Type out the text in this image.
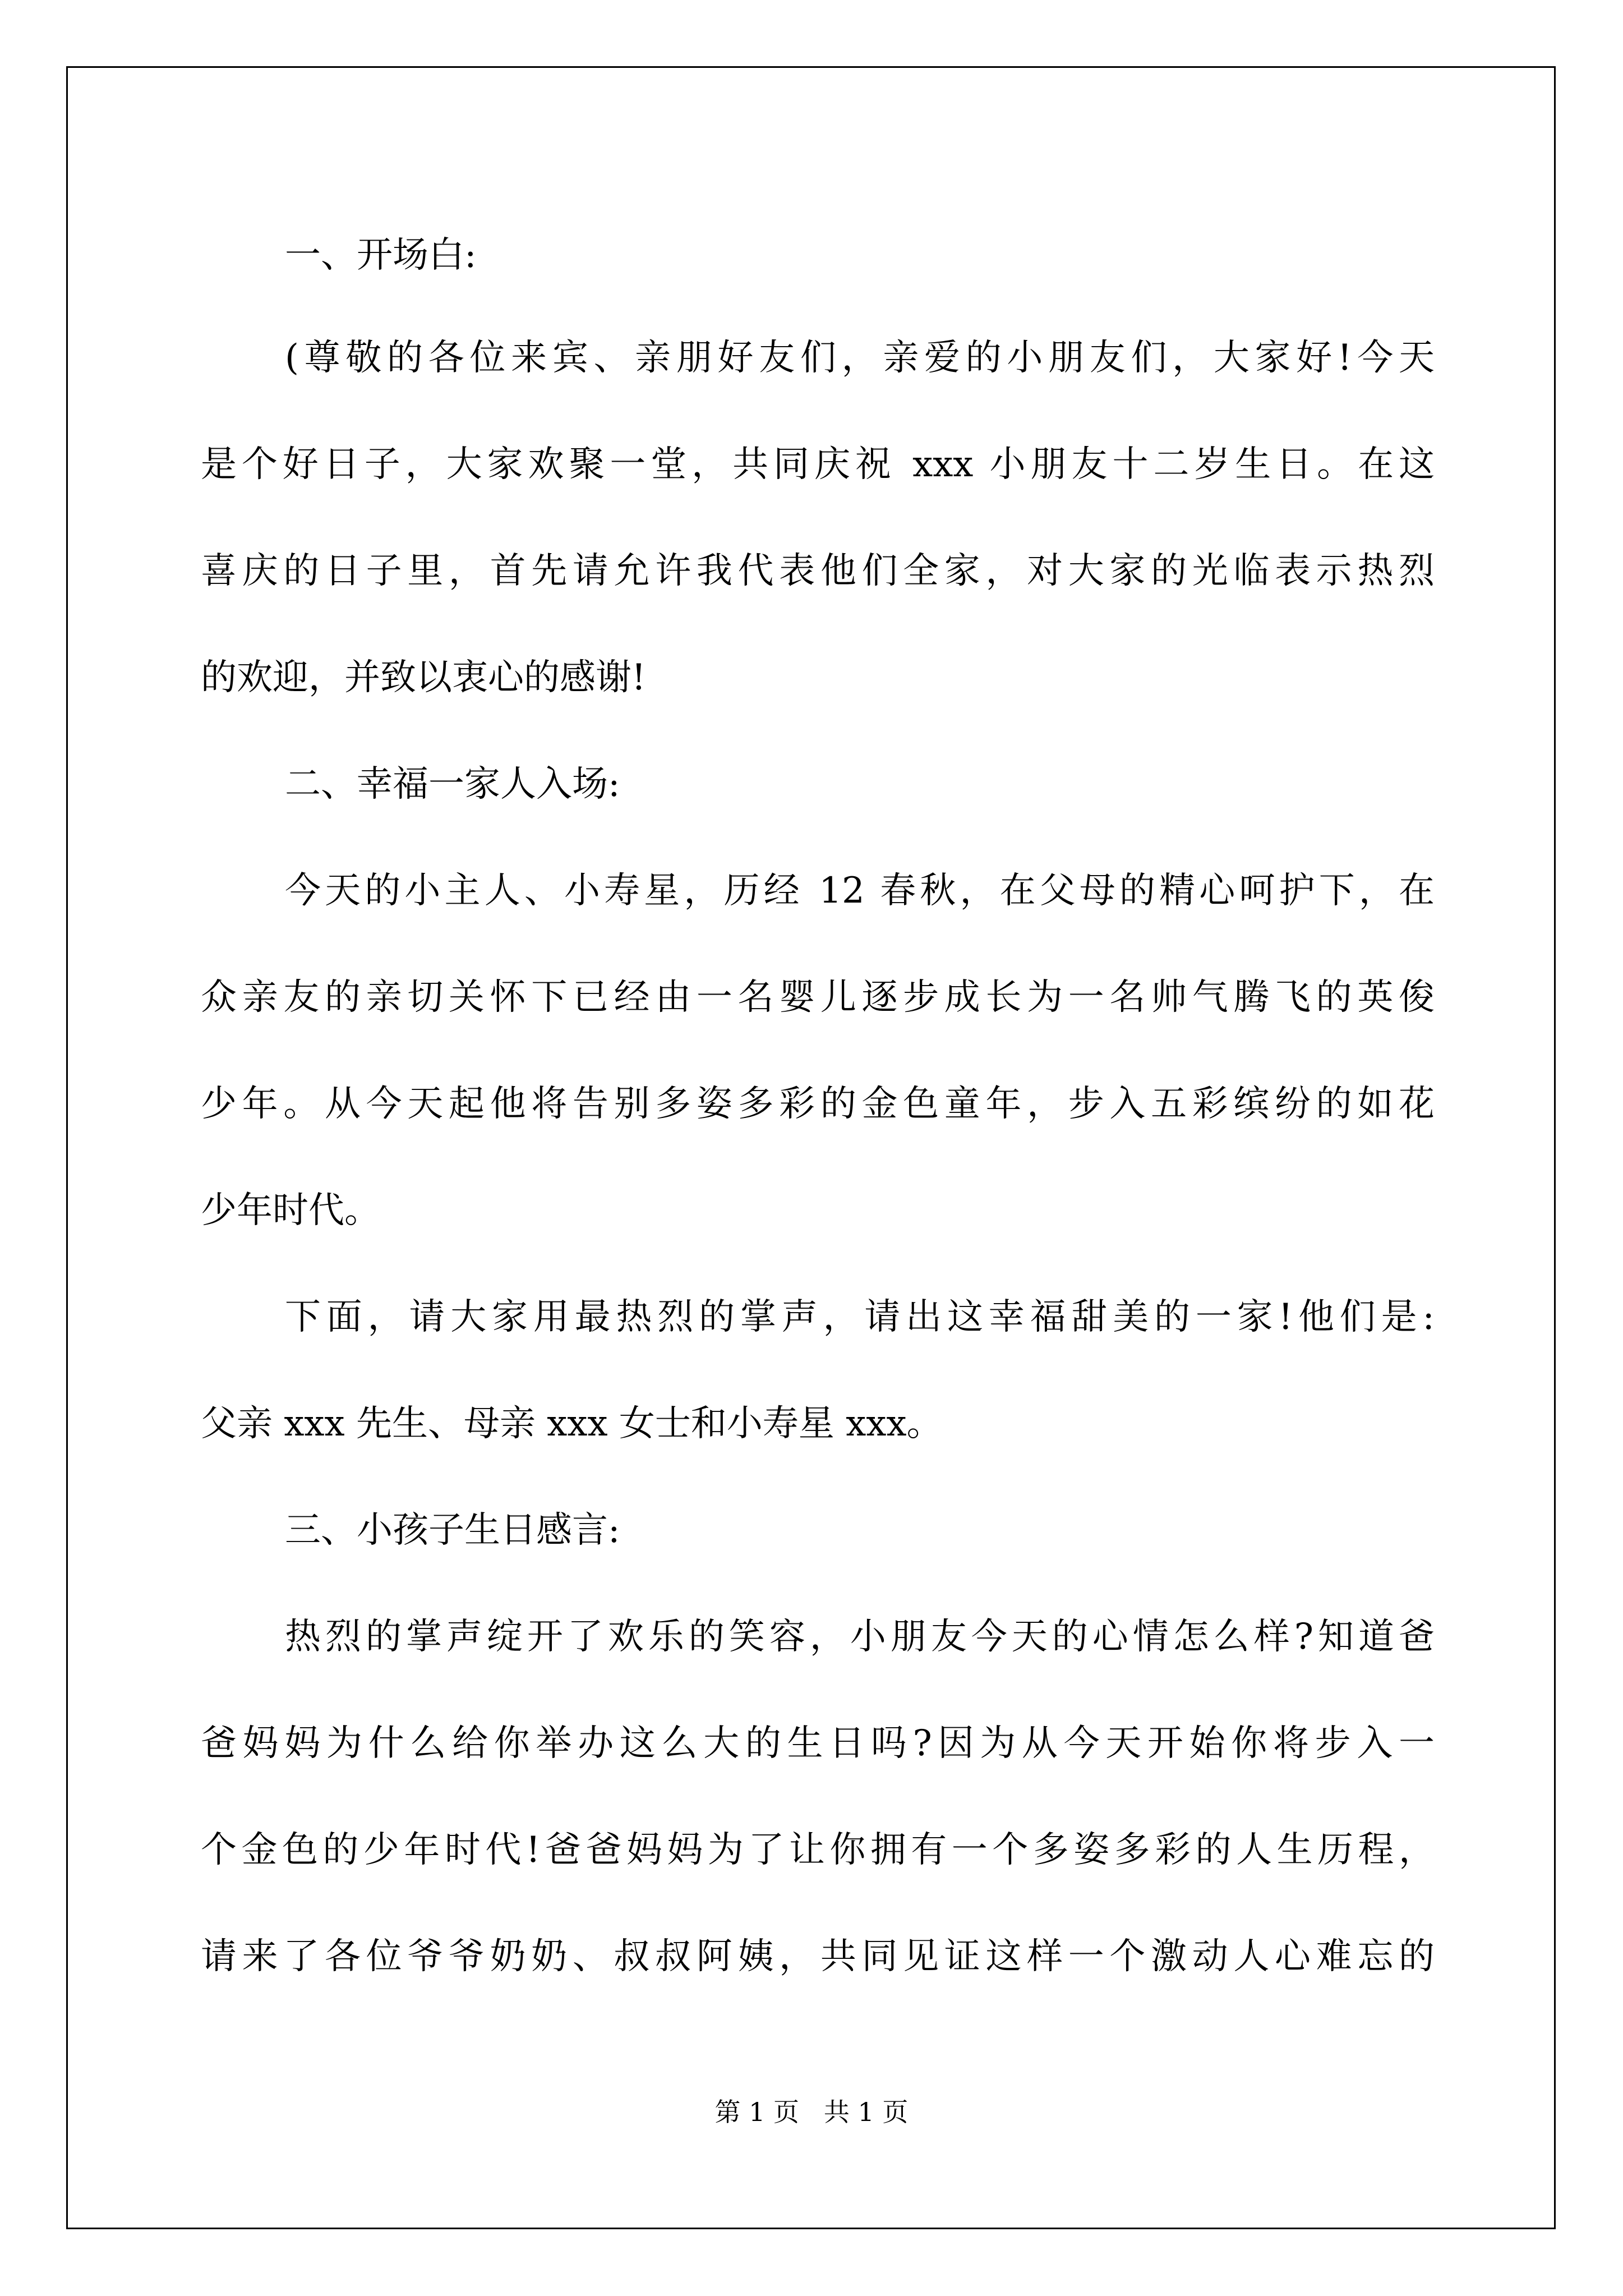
一、开场白:
(尊敬的各位来宾、亲朋好友们，亲爱的小朋友们，大家好!今天
是个好日子，大家欢聚一堂，共同庆祝 xxx 小朋友十二岁生日。在这
喜庆的日子里，首先请允许我代表他们全家，对大家的光临表示热烈
的欢迎，并致以衷心的感谢!
二、幸福一家人入场:
今天的小主人、小寿星，历经 12 春秋，在父母的精心呵护下，在
众亲友的亲切关怀下已经由一名婴儿逐步成长为一名帅气腾飞的英俊
少年。从今天起他将告别多姿多彩的金色童年，步入五彩缤纷的如花
少年时代。
下面，请大家用最热烈的掌声，请出这幸福甜美的一家!他们是:
父亲 xxx 先生、母亲 xxx 女士和小寿星 xxx。
三、小孩子生日感言:
热烈的掌声绽开了欢乐的笑容，小朋友今天的心情怎么样?知道爸
爸妈妈为什么给你举办这么大的生日吗?因为从今天开始你将步入一
个金色的少年时代!爸爸妈妈为了让你拥有一个多姿多彩的人生历程，
请来了各位爷爷奶奶、叔叔阿姨，共同见证这样一个激动人心难忘的
第 1 页   共 1 页
